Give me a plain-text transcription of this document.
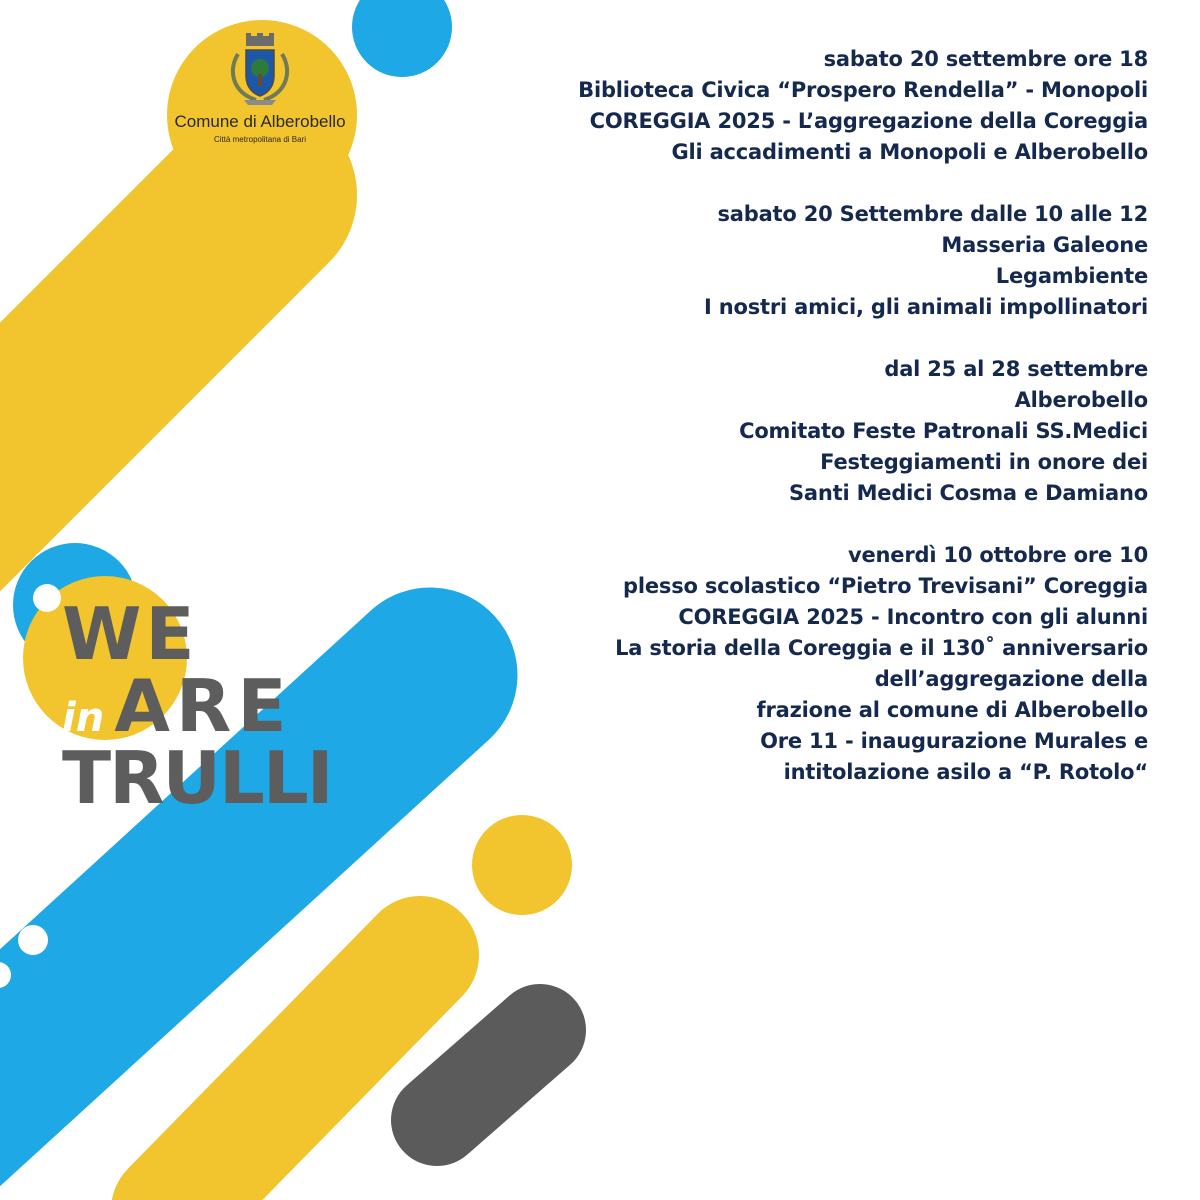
Comune di Alberobello
Città metropolitana di Bari
WE
in ARE
TRULLI
sabato 20 settembre ore 18
Biblioteca Civica “Prospero Rendella” - Monopoli
COREGGIA 2025 - L’aggregazione della Coreggia
Gli accadimenti a Monopoli e Alberobello
sabato 20 Settembre dalle 10 alle 12
Masseria Galeone
Legambiente
I nostri amici, gli animali impollinatori
dal 25 al 28 settembre
Alberobello
Comitato Feste Patronali SS.Medici
Festeggiamenti in onore dei
Santi Medici Cosma e Damiano
venerdì 10 ottobre ore 10
plesso scolastico “Pietro Trevisani” Coreggia
COREGGIA 2025 - Incontro con gli alunni
La storia della Coreggia e il 130˚ anniversario
dell’aggregazione della
frazione al comune di Alberobello
Ore 11 - inaugurazione Murales e
intitolazione asilo a “P. Rotolo“
